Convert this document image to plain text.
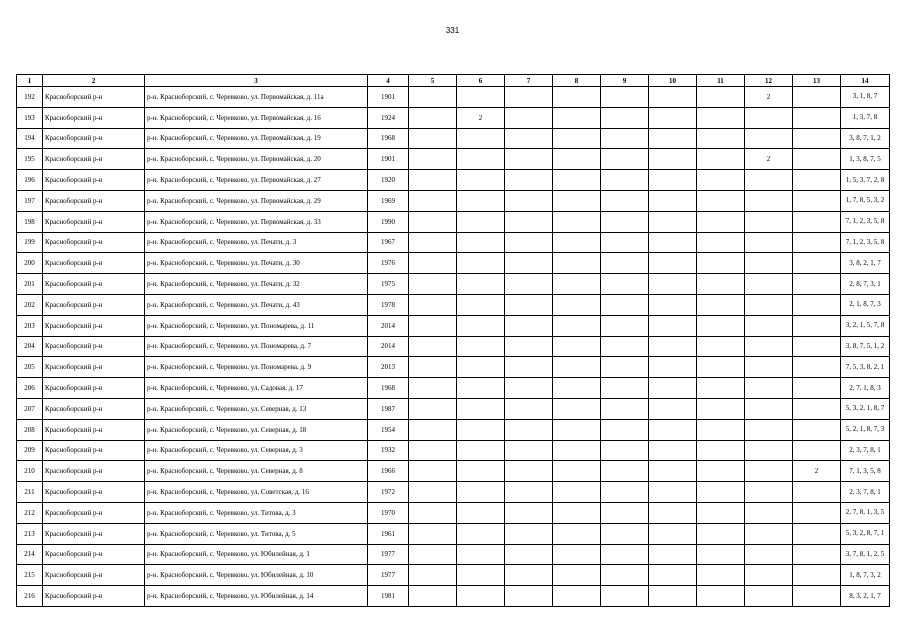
331
1	2	3	4	5	6	7	8	9	10	11	12	13	14
192	Красноборский р-н	р-н. Красноборский, с. Черевково, ул. Первомайская, д. 11а	1901								2		3, 1, 8, 7
193	Красноборский р-н	р-н. Красноборский, с. Черевково, ул. Первомайская, д. 16	1924		2								1, 3, 7, 8
194	Красноборский р-н	р-н. Красноборский, с. Черевково, ул. Первомайская, д. 19	1968										3, 8, 7, 1, 2
195	Красноборский р-н	р-н. Красноборский, с. Черевково, ул. Первомайская, д. 20	1901								2		1, 3, 8, 7, 5
196	Красноборский р-н	р-н. Красноборский, с. Черевково, ул. Первомайская, д. 27	1920										1, 5, 3, 7, 2, 8
197	Красноборский р-н	р-н. Красноборский, с. Черевково, ул. Первомайская, д. 29	1969										1, 7, 8, 5, 3, 2
198	Красноборский р-н	р-н. Красноборский, с. Черевково, ул. Первомайская, д. 33	1990										7, 1, 2, 3, 5, 8
199	Красноборский р-н	р-н. Красноборский, с. Черевково, ул. Печати, д. 3	1967										7, 1, 2, 3, 5, 8
200	Красноборский р-н	р-н. Красноборский, с. Черевково, ул. Печати, д. 30	1976										3, 8, 2, 1, 7
201	Красноборский р-н	р-н. Красноборский, с. Черевково, ул. Печати, д. 32	1975										2, 8, 7, 3, 1
202	Красноборский р-н	р-н. Красноборский, с. Черевково, ул. Печати, д. 43	1978										2, 1, 8, 7, 3
203	Красноборский р-н	р-н. Красноборский, с. Черевково, ул. Пономарева, д. 11	2014										3, 2, 1, 5, 7, 8
204	Красноборский р-н	р-н. Красноборский, с. Черевково, ул. Пономарева, д. 7	2014										3, 8, 7, 5, 1, 2
205	Красноборский р-н	р-н. Красноборский, с. Черевково, ул. Пономарева, д. 9	2013										7, 5, 3, 8, 2, 1
206	Красноборский р-н	р-н. Красноборский, с. Черевково, ул. Садовая, д. 17	1968										2, 7, 1, 8, 3
207	Красноборский р-н	р-н. Красноборский, с. Черевково, ул. Северная, д. 13	1987										5, 3, 2, 1, 8, 7
208	Красноборский р-н	р-н. Красноборский, с. Черевково, ул. Северная, д. 18	1954										5, 2, 1, 8, 7, 3
209	Красноборский р-н	р-н. Красноборский, с. Черевково, ул. Северная, д. 3	1932										2, 3, 7, 8, 1
210	Красноборский р-н	р-н. Красноборский, с. Черевково, ул. Северная, д. 8	1966									2	7, 1, 3, 5, 8
211	Красноборский р-н	р-н. Красноборский, с. Черевково, ул. Советская, д. 16	1972										2, 3, 7, 8, 1
212	Красноборский р-н	р-н. Красноборский, с. Черевково, ул. Титова, д. 3	1970										2, 7, 8, 1, 3, 5
213	Красноборский р-н	р-н. Красноборский, с. Черевково, ул. Титова, д. 5	1961										5, 3, 2, 8, 7, 1
214	Красноборский р-н	р-н. Красноборский, с. Черевково, ул. Юбилейная, д. 1	1977										3, 7, 8, 1, 2, 5
215	Красноборский р-н	р-н. Красноборский, с. Черевково, ул. Юбилейная, д. 10	1977										1, 8, 7, 3, 2
216	Красноборский р-н	р-н. Красноборский, с. Черевково, ул. Юбилейная, д. 14	1981										8, 3, 2, 1, 7
